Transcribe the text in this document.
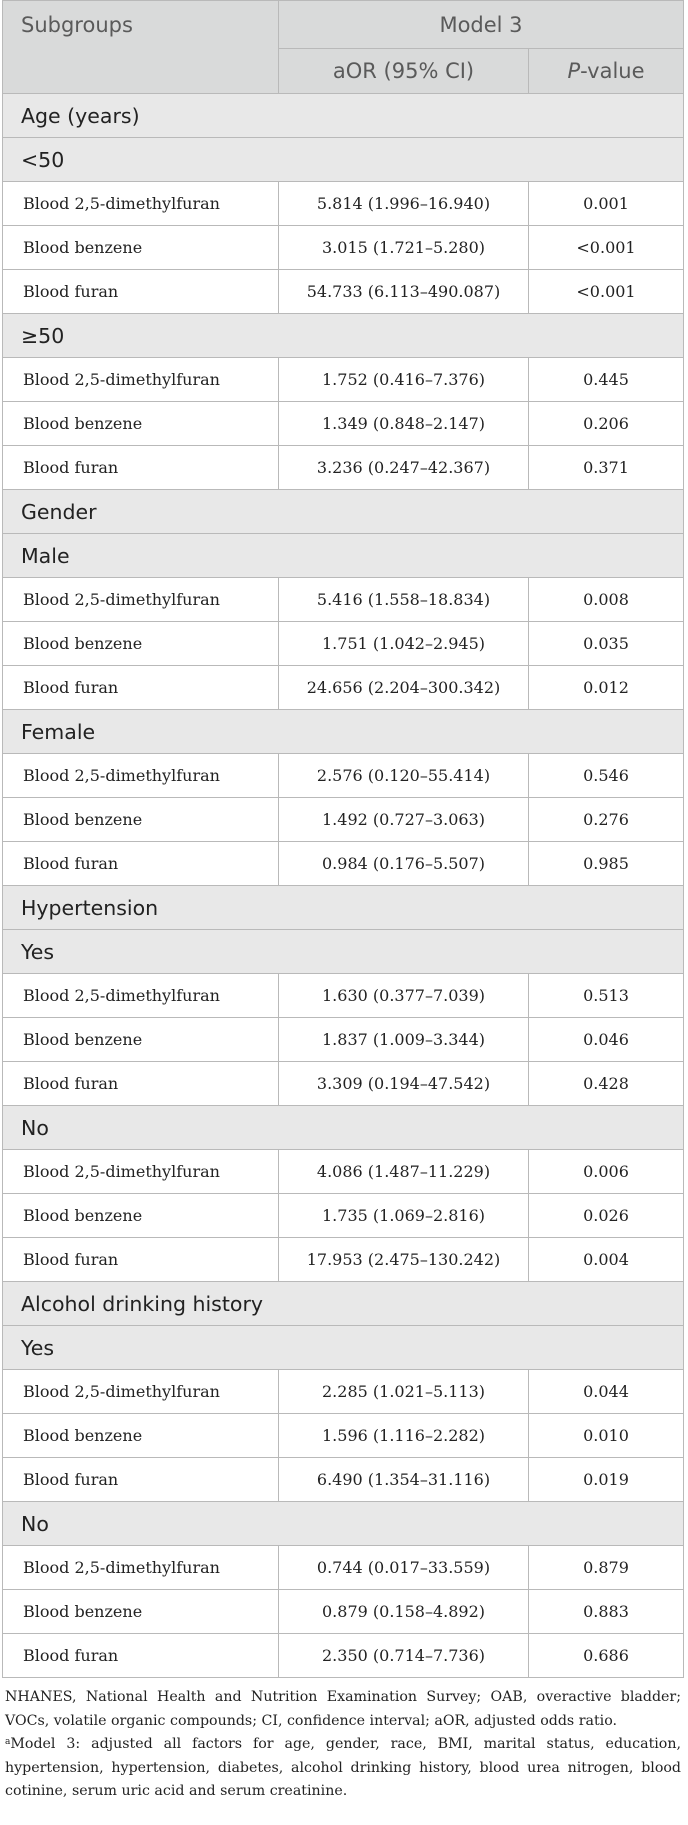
Subgroups	Model 3	
	aOR (95% CI)	P-value
Age (years)		
<50		
Blood 2,5-dimethylfuran	5.814 (1.996–16.940)	0.001
Blood benzene	3.015 (1.721–5.280)	<0.001
Blood furan	54.733 (6.113–490.087)	<0.001
≥50		
Blood 2,5-dimethylfuran	1.752 (0.416–7.376)	0.445
Blood benzene	1.349 (0.848–2.147)	0.206
Blood furan	3.236 (0.247–42.367)	0.371
Gender		
Male		
Blood 2,5-dimethylfuran	5.416 (1.558–18.834)	0.008
Blood benzene	1.751 (1.042–2.945)	0.035
Blood furan	24.656 (2.204–300.342)	0.012
Female		
Blood 2,5-dimethylfuran	2.576 (0.120–55.414)	0.546
Blood benzene	1.492 (0.727–3.063)	0.276
Blood furan	0.984 (0.176–5.507)	0.985
Hypertension		
Yes		
Blood 2,5-dimethylfuran	1.630 (0.377–7.039)	0.513
Blood benzene	1.837 (1.009–3.344)	0.046
Blood furan	3.309 (0.194–47.542)	0.428
No		
Blood 2,5-dimethylfuran	4.086 (1.487–11.229)	0.006
Blood benzene	1.735 (1.069–2.816)	0.026
Blood furan	17.953 (2.475–130.242)	0.004
Alcohol drinking history		
Yes		
Blood 2,5-dimethylfuran	2.285 (1.021–5.113)	0.044
Blood benzene	1.596 (1.116–2.282)	0.010
Blood furan	6.490 (1.354–31.116)	0.019
No		
Blood 2,5-dimethylfuran	0.744 (0.017–33.559)	0.879
Blood benzene	0.879 (0.158–4.892)	0.883
Blood furan	2.350 (0.714–7.736)	0.686

NHANES, National Health and Nutrition Examination Survey; OAB, overactive bladder; VOCs, volatile organic compounds; CI, confidence interval; aOR, adjusted odds ratio.

$^a$Model 3: adjusted all factors for age, gender, race, BMI, marital status, education, hypertension, hypertension, diabetes, alcohol drinking history, blood urea nitrogen, blood cotinine, serum uric acid and serum creatinine.
